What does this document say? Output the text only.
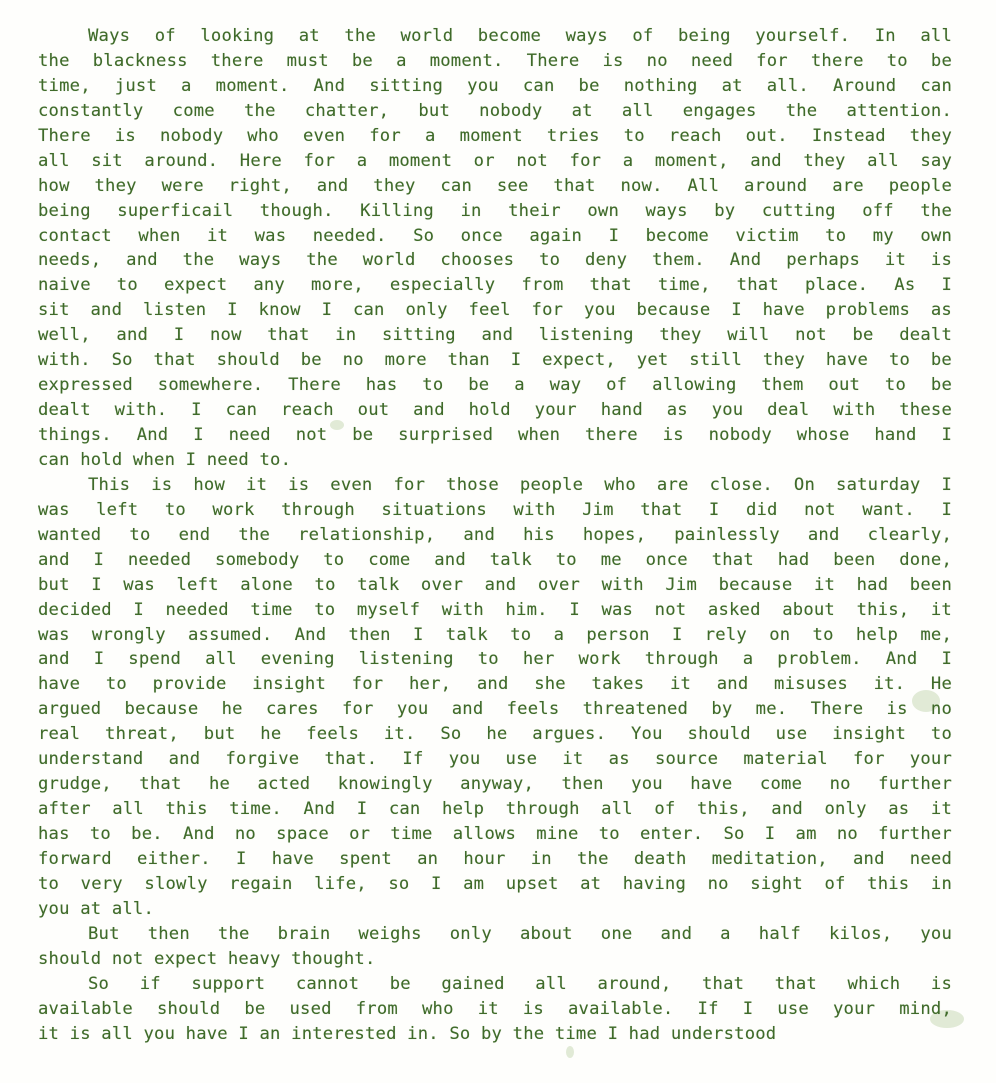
Ways of looking at the world become ways of being yourself. In all
the blackness there must be a moment. There is no need for there to be
time, just a moment. And sitting you can be nothing at all. Around can
constantly come the chatter, but nobody at all engages the attention.
There is nobody who even for a moment tries to reach out. Instead they
all sit around. Here for a moment or not for a moment, and they all say
how they were right, and they can see that now. All around are people
being superficail though. Killing in their own ways by cutting off the
contact when it was needed. So once again I become victim to my own
needs, and the ways the world chooses to deny them. And perhaps it is
naive to expect any more, especially from that time, that place. As I
sit and listen I know I can only feel for you because I have problems as
well, and I now that in sitting and listening they will not be dealt
with. So that should be no more than I expect, yet still they have to be
expressed somewhere. There has to be a way of allowing them out to be
dealt with. I can reach out and hold your hand as you deal with these
things. And I need not be surprised when there is nobody whose hand I
can hold when I need to.
This is how it is even for those people who are close. On saturday I
was left to work through situations with Jim that I did not want. I
wanted to end the relationship, and his hopes, painlessly and clearly,
and I needed somebody to come and talk to me once that had been done,
but I was left alone to talk over and over with Jim because it had been
decided I needed time to myself with him. I was not asked about this, it
was wrongly assumed. And then I talk to a person I rely on to help me,
and I spend all evening listening to her work through a problem. And I
have to provide insight for her, and she takes it and misuses it. He
argued because he cares for you and feels threatened by me. There is no
real threat, but he feels it. So he argues. You should use insight to
understand and forgive that. If you use it as source material for your
grudge, that he acted knowingly anyway, then you have come no further
after all this time. And I can help through all of this, and only as it
has to be. And no space or time allows mine to enter. So I am no further
forward either. I have spent an hour in the death meditation, and need
to very slowly regain life, so I am upset at having no sight of this in
you at all.
But then the brain weighs only about one and a half kilos, you
should not expect heavy thought.
So if support cannot be gained all around, that that which is
available should be used from who it is available. If I use your mind,
it is all you have I an interested in. So by the time I had understood
